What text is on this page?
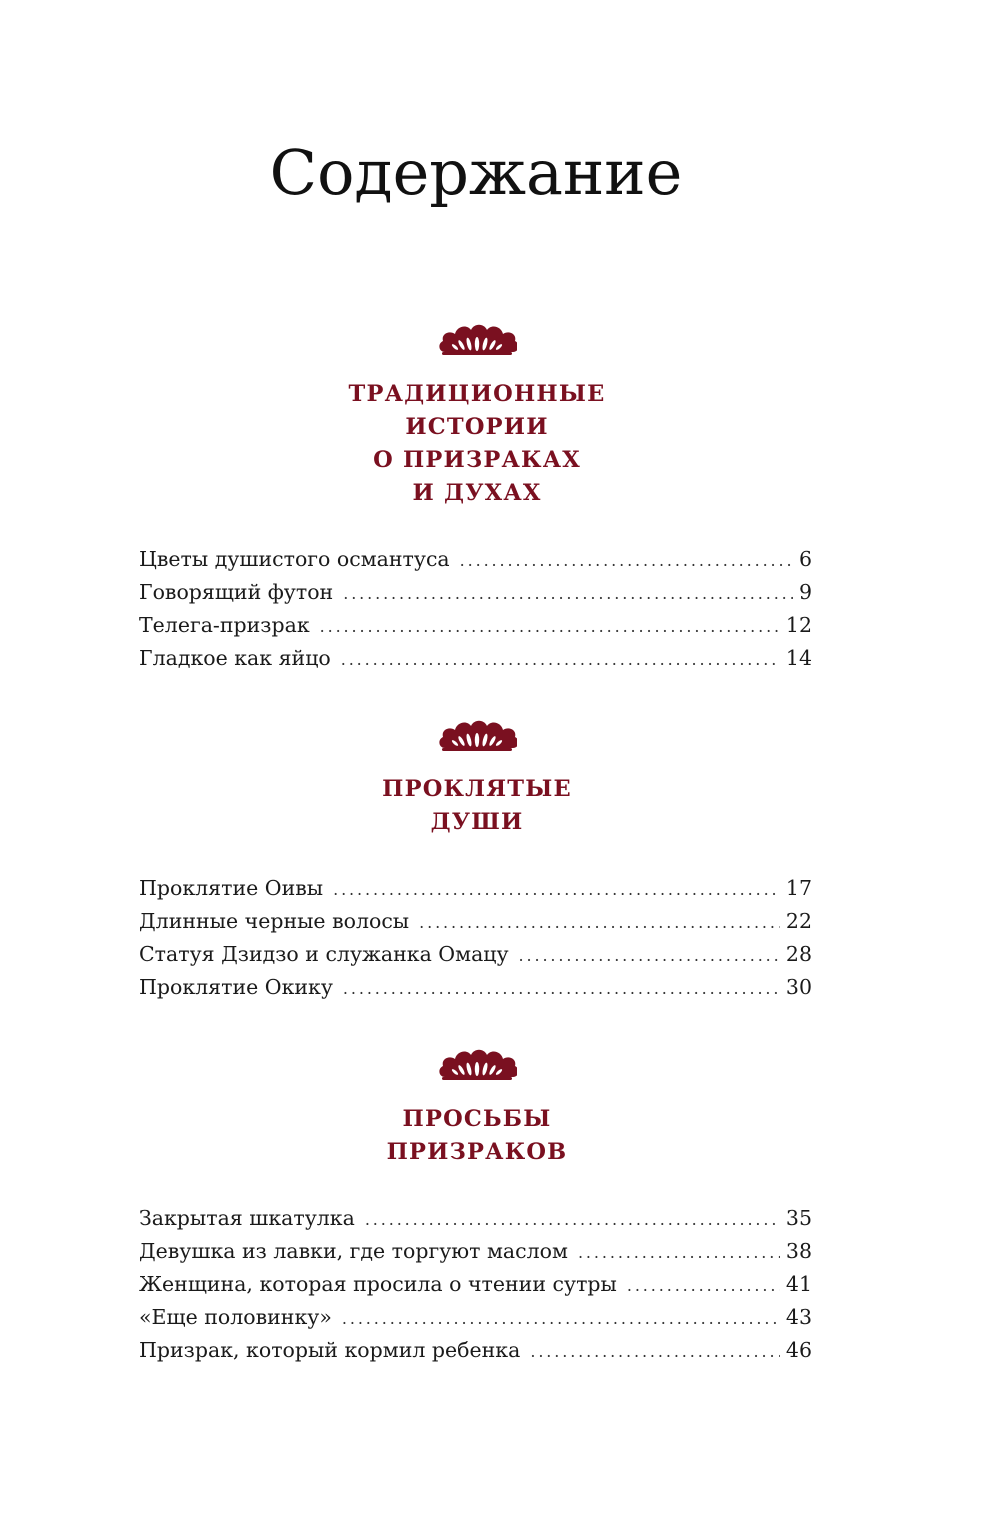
Содержание
ТРАДИЦИОННЫЕ
ИСТОРИИ
О ПРИЗРАКАХ
И ДУХАХ
Цветы душистого османтуса . . .	6
Говорящий футон . . .	9
Телега-призрак . . .	12
Гладкое как яйцо . . .	14
ПРОКЛЯТЫЕ
ДУШИ
Проклятие Оивы . . .	17
Длинные черные волосы . . .	22
Статуя Дзидзо и служанка Омацу . . .	28
Проклятие Окику . . .	30
ПРОСЬБЫ
ПРИЗРАКОВ
Закрытая шкатулка . . .	35
Девушка из лавки, где торгуют маслом . . .	38
Женщина, которая просила о чтении сутры . . .	41
«Еще половинку» . . .	43
Призрак, который кормил ребенка . . .	46
